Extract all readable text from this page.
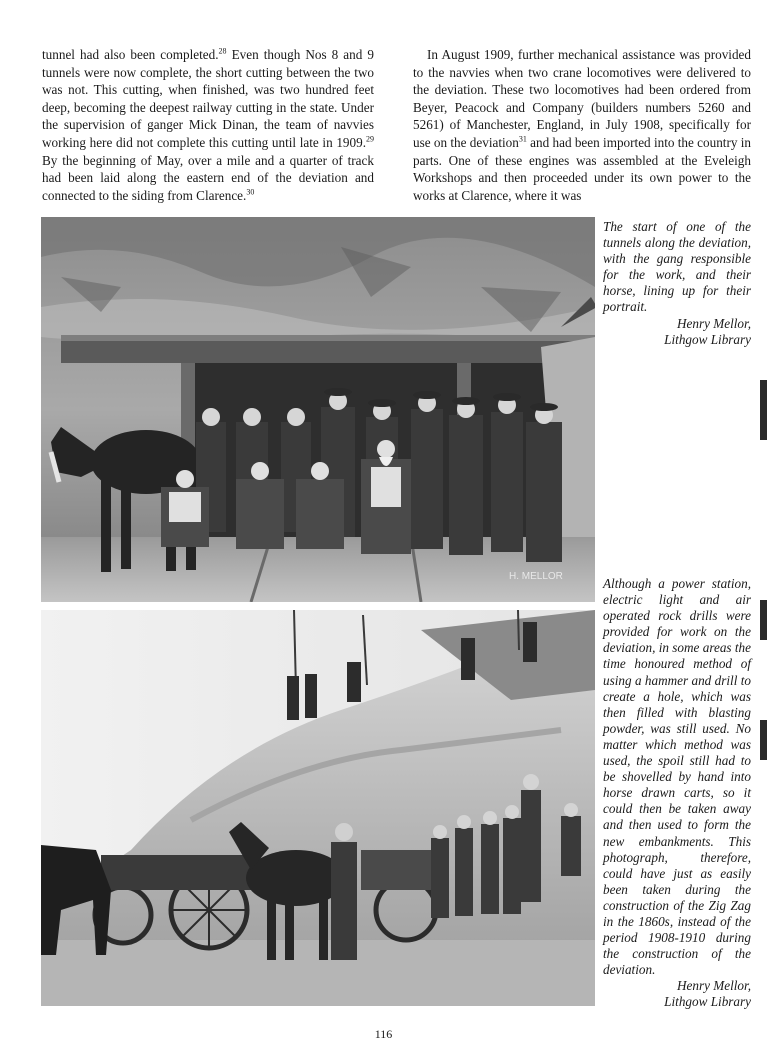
tunnel had also been completed.$^{28}$ Even though Nos 8 and 9 tunnels were now complete, the short cutting between the two was not. This cutting, when finished, was two hundred feet deep, becoming the deepest railway cutting in the state. Under the supervision of ganger Mick Dinan, the team of navvies working here did not complete this cutting until late in 1909.29 By the beginning of May, over a mile and a quarter of track had been laid along the eastern end of the deviation and connected to the siding from Clarence.$^{30}$

In August 1909, further mechanical assistance was provided to the navvies when two crane locomotives were delivered to the deviation. These two locomotives had been ordered from Beyer, Peacock and Company (builders numbers 5260 and 5261) of Manchester, England, in July 1908, specifically for use on the deviation$^{31}$ and had been imported into the country in parts. One of these engines was assembled at the Eveleigh Workshops and then proceeded under its own power to the works at Clarence, where it was

H. MELLOR
The start of one of the tunnels along the deviation, with the gang responsible for the work, and their horse, lining up for their portrait.
Henry Mellor,
Lithgow Library
Although a power station, electric light and air operated rock drills were provided for work on the deviation, in some areas the time honoured method of using a hammer and drill to create a hole, which was then filled with blasting powder, was still used. No matter which method was used, the spoil still had to be shovelled by hand into horse drawn carts, so it could then be taken away and then used to form the new embankments. This photograph, therefore, could have just as easily been taken during the construction of the Zig Zag in the 1860s, instead of the period 1908-1910 during the construction of the deviation.
Henry Mellor,
Lithgow Library
116
